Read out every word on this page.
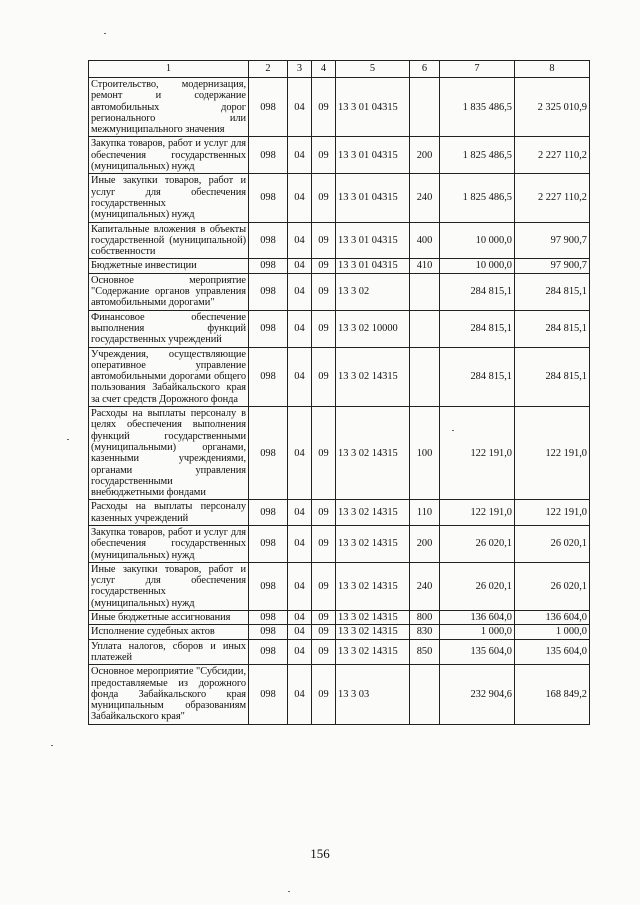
1	2	3	4	5	6	7	8
Строительство, модернизация, ремонт и содержание автомобильных дорог регионального или межмуниципального значения	098	04	09	13 3 01 04315		1 835 486,5	2 325 010,9
Закупка товаров, работ и услуг для обеспечения государственных (муниципальных) нужд	098	04	09	13 3 01 04315	200	1 825 486,5	2 227 110,2
Иные закупки товаров, работ и услуг для обеспечения государственных (муниципальных) нужд	098	04	09	13 3 01 04315	240	1 825 486,5	2 227 110,2
Капитальные вложения в объекты государственной (муниципальной) собственности	098	04	09	13 3 01 04315	400	10 000,0	97 900,7
Бюджетные инвестиции	098	04	09	13 3 01 04315	410	10 000,0	97 900,7
Основное мероприятие "Содержание органов управления автомобильными дорогами"	098	04	09	13 3 02		284 815,1	284 815,1
Финансовое обеспечение выполнения функций государственных учреждений	098	04	09	13 3 02 10000		284 815,1	284 815,1
Учреждения, осуществляющие оперативное управление автомобильными дорогами общего пользования Забайкальского края за счет средств Дорожного фонда	098	04	09	13 3 02 14315		284 815,1	284 815,1
Расходы на выплаты персоналу в целях обеспечения выполнения функций государственными (муниципальными) органами, казенными учреждениями, органами управления государственными внебюджетными фондами	098	04	09	13 3 02 14315	100	122 191,0	122 191,0
Расходы на выплаты персоналу казенных учреждений	098	04	09	13 3 02 14315	110	122 191,0	122 191,0
Закупка товаров, работ и услуг для обеспечения государственных (муниципальных) нужд	098	04	09	13 3 02 14315	200	26 020,1	26 020,1
Иные закупки товаров, работ и услуг для обеспечения государственных (муниципальных) нужд	098	04	09	13 3 02 14315	240	26 020,1	26 020,1
Иные бюджетные ассигнования	098	04	09	13 3 02 14315	800	136 604,0	136 604,0
Исполнение судебных актов	098	04	09	13 3 02 14315	830	1 000,0	1 000,0
Уплата налогов, сборов и иных платежей	098	04	09	13 3 02 14315	850	135 604,0	135 604,0
Основное мероприятие "Субсидии, предоставляемые из дорожного фонда Забайкальского края муниципальным образованиям Забайкальского края"	098	04	09	13 3 03		232 904,6	168 849,2
156
